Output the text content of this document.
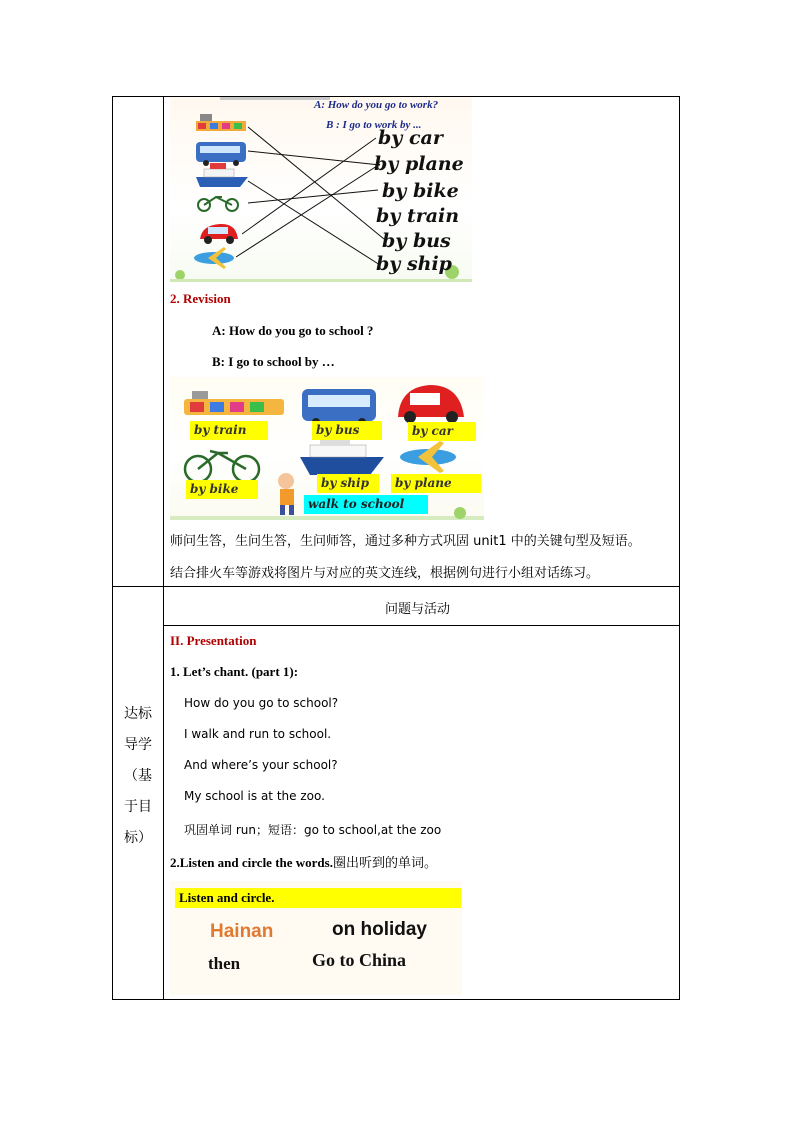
达标
导学
（基
于目
标）
A: How do you go to work?
B : I go to work by ...
by car
by plane
by bike
by train
by bus
by ship
2. Revision
A: How do you go to school ?
B: I go to school by …
by train	by bus	by car
by bike	by ship	by plane
walk to school
师问生答，生问生答，生问师答，通过多种方式巩固 unit1 中的关键句型及短语。
结合排火车等游戏将图片与对应的英文连线，根据例句进行小组对话练习。
问题与活动
II. Presentation
1. Let’s chant. (part 1):
How do you go to school?
I walk and run to school.
And where’s your school?
My school is at the zoo.
巩固单词 run；短语：go to school,at the zoo
2.Listen and circle the words.圈出听到的单词。
Listen and circle.
Hainan	on holiday
then	Go to China
